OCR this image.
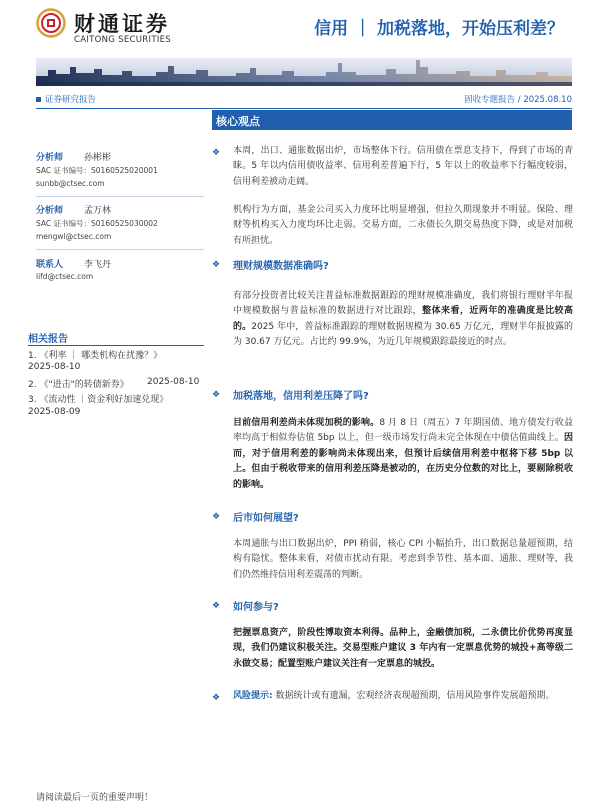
财通证券
CAITONG SECURITIES
信用 ｜ 加税落地，开始压利差？
证券研究报告	固收专题报告 / 2025.08.10
分析师 孙彬彬
SAC 证书编号：S0160525020001
sunbb@ctsec.com
分析师 孟万林
SAC 证书编号：S0160525030002
mengwl@ctsec.com
联系人 李飞丹
lifd@ctsec.com
相关报告
1. 《利率 ｜ 哪类机构在扰豫？》
2025-08-10
2. 《"进击"的转债新券》 2025-08-10
3. 《流动性 ｜资金利好加速兑现》
2025-08-09
核心观点
❖ 本周，出口、通胀数据出炉，市场整体下行。信用债在票息支持下，得到了市场的青睐。5 年以内信用债收益率、信用利差普遍下行，5 年以上的收益率下行幅度较弱，信用利差被动走阔。
机构行为方面，基金公司买入力度环比明显增强，但拉久期现象并不明显。保险、理财等机构买入力度均环比走弱。交易方面，二永债长久期交易热度下降，或是对加税有所担忧。
❖ 理财规模数据准确吗?
有部分投资者比较关注普益标准数据跟踪的理财规模准确度，我们将银行理财半年报中规模数据与普益标准的数据进行对比跟踪，整体来看，近两年的准确度是比较高的。2025 年中，普益标准跟踪的理财数据规模为 30.65 万亿元，理财半年报披露的为 30.67 万亿元。占比约 99.9%，为近几年规模跟踪最接近的时点。
❖ 加税落地，信用利差压降了吗?
目前信用利差尚未体现加税的影响。8 月 8 日（周五）7 年期国债、地方债发行收益率均高于相似券估值 5bp 以上，但一级市场发行尚未完全体现在中债估值曲线上。因而，对于信用利差的影响尚未体现出来，但预计后续信用利差中枢将下移 5bp 以上。但由于税收带来的信用利差压降是被动的，在历史分位数的对比上，要剔除税收的影响。
❖ 后市如何展望?
本周通胀与出口数据出炉，PPI 稍弱，核心 CPI 小幅抬升，出口数据总量超预期，结构有隐忧。整体来看，对债市扰动有限。考虑到季节性、基本面、通胀、理财等，我们仍然维持信用利差震荡的判断。
❖ 如何参与?
把握票息资产，阶段性博取资本利得。品种上，金融债加税，二永债比价优势再度显现，我们仍建议积极关注。交易型账户建议 3 年内有一定票息优势的城投+高等级二永做交易；配置型账户建议关注有一定票息的城投。
❖ 风险提示: 数据统计或有遗漏，宏观经济表现超预期，信用风险事件发展超预期。
请阅读最后一页的重要声明！
